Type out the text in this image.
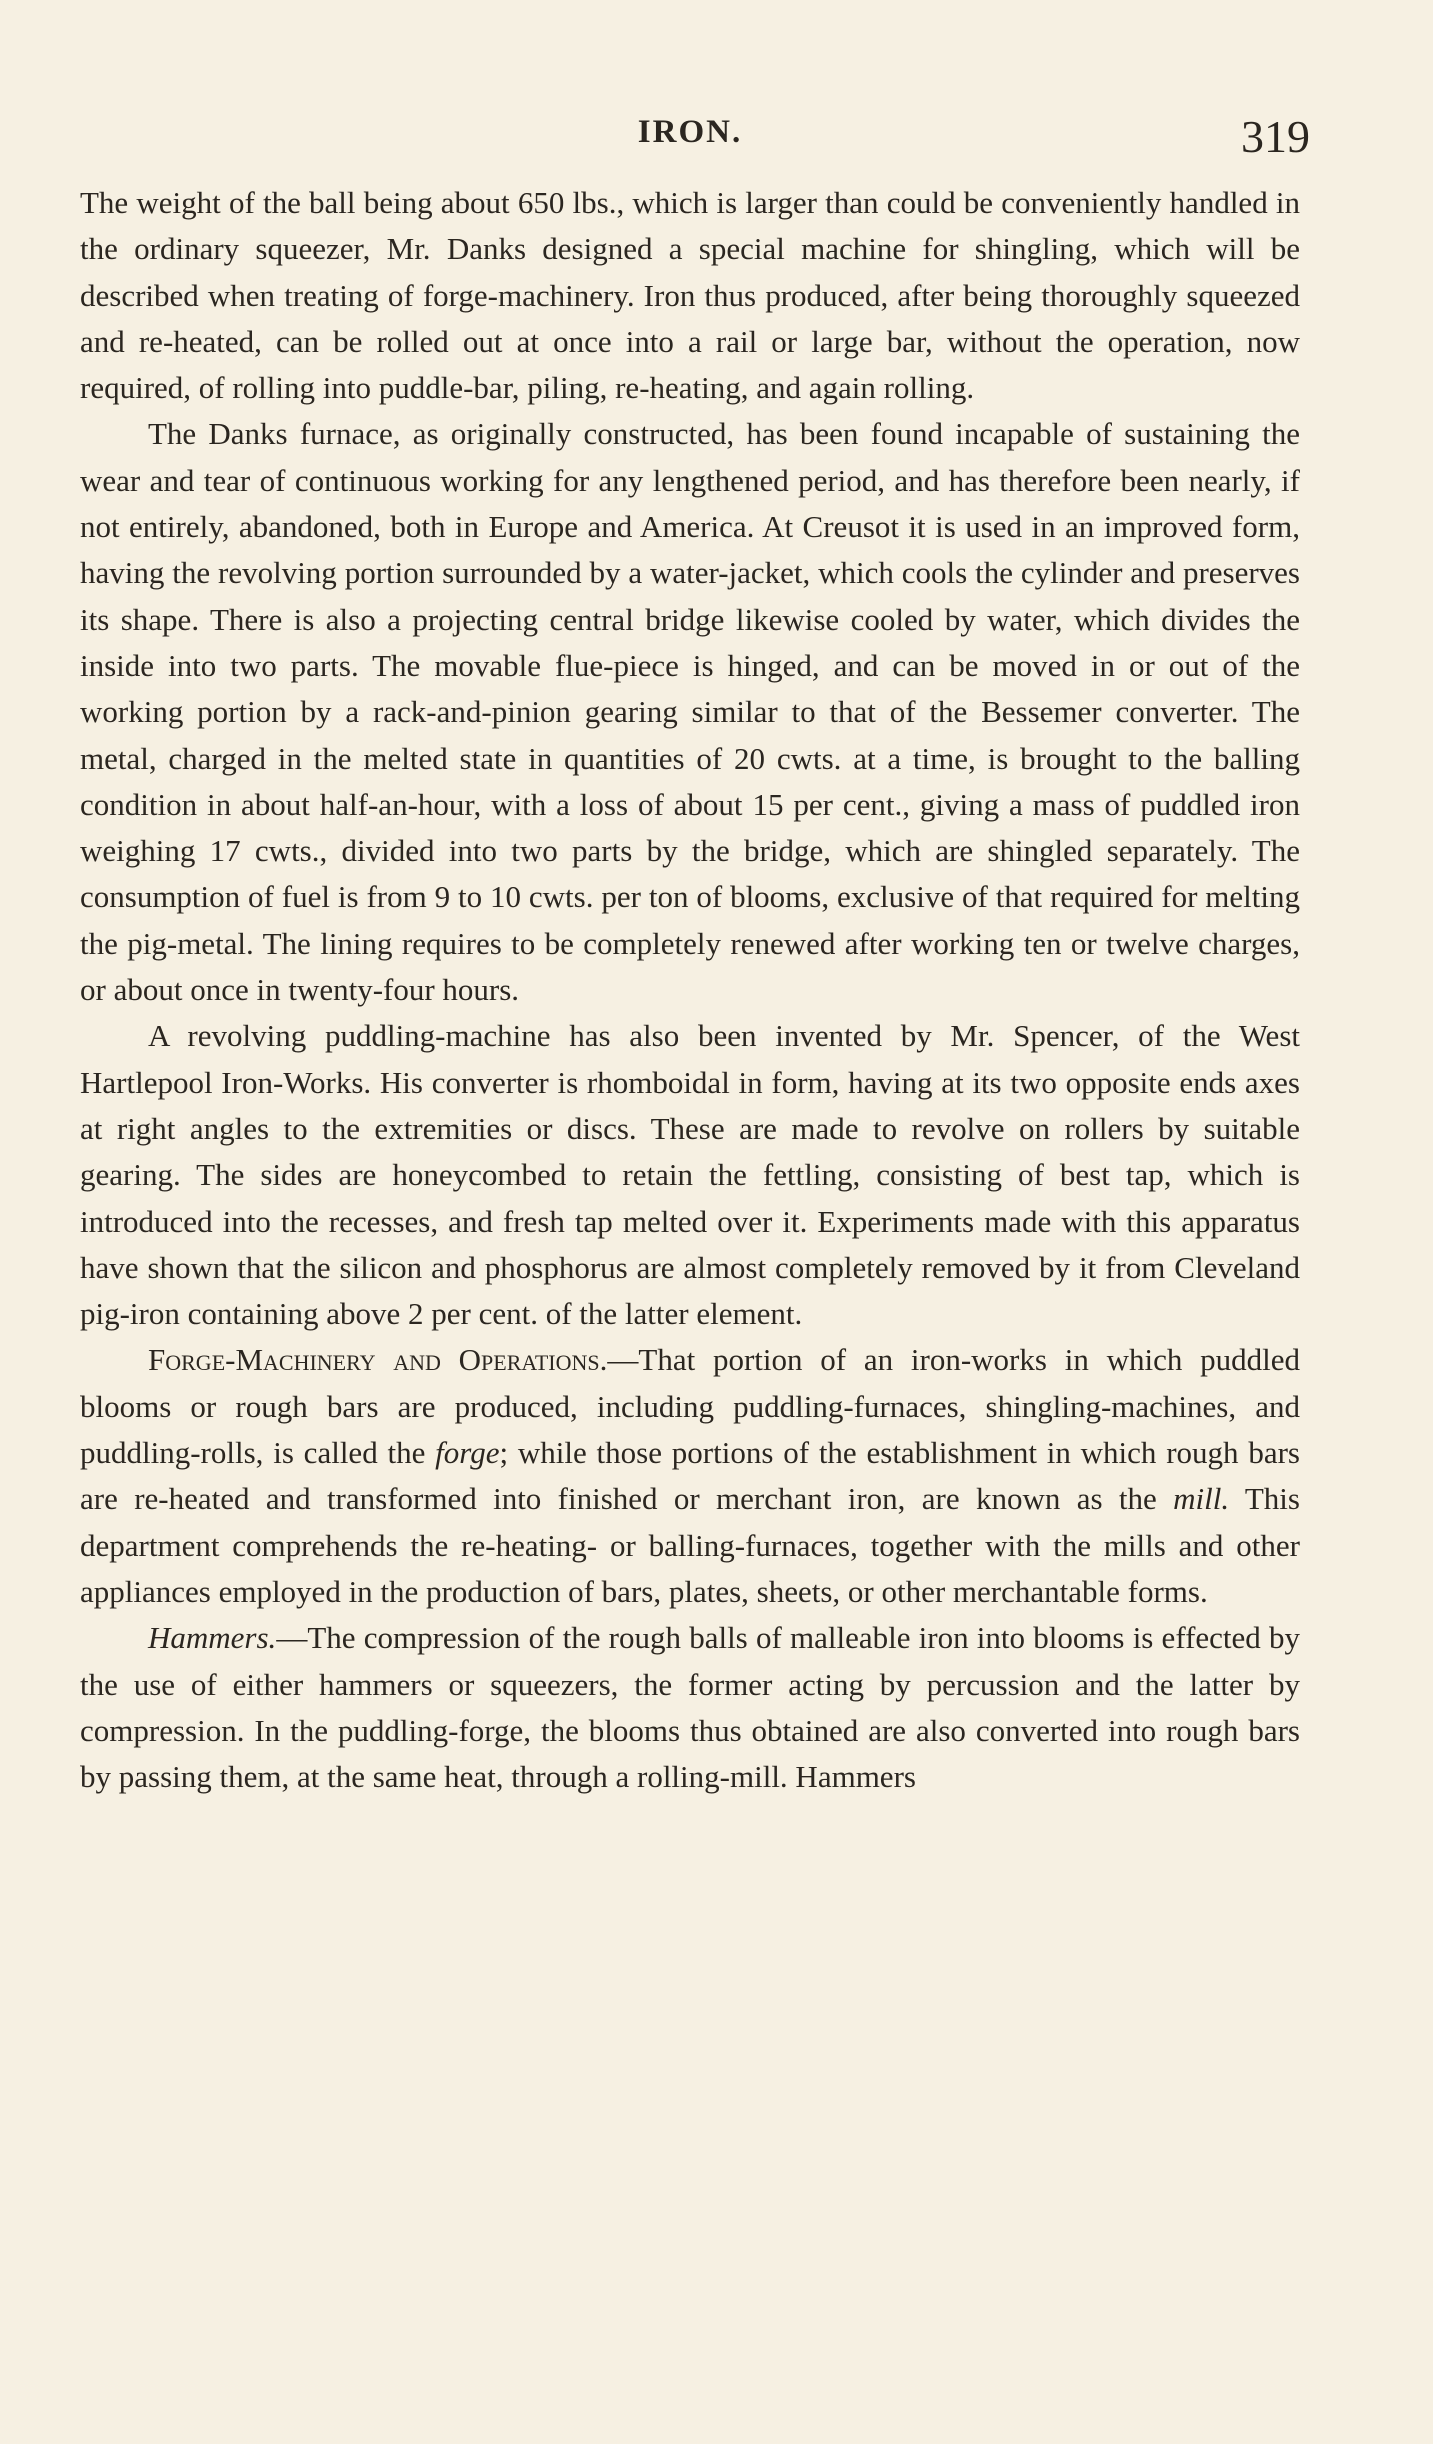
IRON.	319

The weight of the ball being about 650 lbs., which is larger than could be conveniently handled in the ordinary squeezer, Mr. Danks designed a special machine for shingling, which will be described when treating of forge-machinery. Iron thus produced, after being thoroughly squeezed and re-heated, can be rolled out at once into a rail or large bar, without the operation, now required, of rolling into puddle-bar, piling, re-heating, and again rolling.

The Danks furnace, as originally constructed, has been found incapable of sustaining the wear and tear of continuous working for any lengthened period, and has therefore been nearly, if not entirely, abandoned, both in Europe and America. At Creusot it is used in an improved form, having the revolving portion surrounded by a water-jacket, which cools the cylinder and preserves its shape. There is also a projecting central bridge likewise cooled by water, which divides the inside into two parts. The movable flue-piece is hinged, and can be moved in or out of the working portion by a rack-and-pinion gearing similar to that of the Bessemer converter. The metal, charged in the melted state in quantities of 20 cwts. at a time, is brought to the balling condition in about half-an-hour, with a loss of about 15 per cent., giving a mass of puddled iron weighing 17 cwts., divided into two parts by the bridge, which are shingled separately. The consumption of fuel is from 9 to 10 cwts. per ton of blooms, exclusive of that required for melting the pig-metal. The lining requires to be completely renewed after working ten or twelve charges, or about once in twenty-four hours.

A revolving puddling-machine has also been invented by Mr. Spencer, of the West Hartlepool Iron-Works. His converter is rhomboidal in form, having at its two opposite ends axes at right angles to the extremities or discs. These are made to revolve on rollers by suitable gearing. The sides are honeycombed to retain the fettling, consisting of best tap, which is introduced into the recesses, and fresh tap melted over it. Experiments made with this apparatus have shown that the silicon and phosphorus are almost completely removed by it from Cleveland pig-iron containing above 2 per cent. of the latter element.

Forge-Machinery and Operations.—That portion of an iron-works in which puddled blooms or rough bars are produced, including puddling-furnaces, shingling-machines, and puddling-rolls, is called the forge; while those portions of the establishment in which rough bars are re-heated and transformed into finished or merchant iron, are known as the mill. This department comprehends the re-heating- or balling-furnaces, together with the mills and other appliances employed in the production of bars, plates, sheets, or other merchantable forms.

Hammers.—The compression of the rough balls of malleable iron into blooms is effected by the use of either hammers or squeezers, the former acting by percussion and the latter by compression. In the puddling-forge, the blooms thus obtained are also converted into rough bars by passing them, at the same heat, through a rolling-mill. Hammers
